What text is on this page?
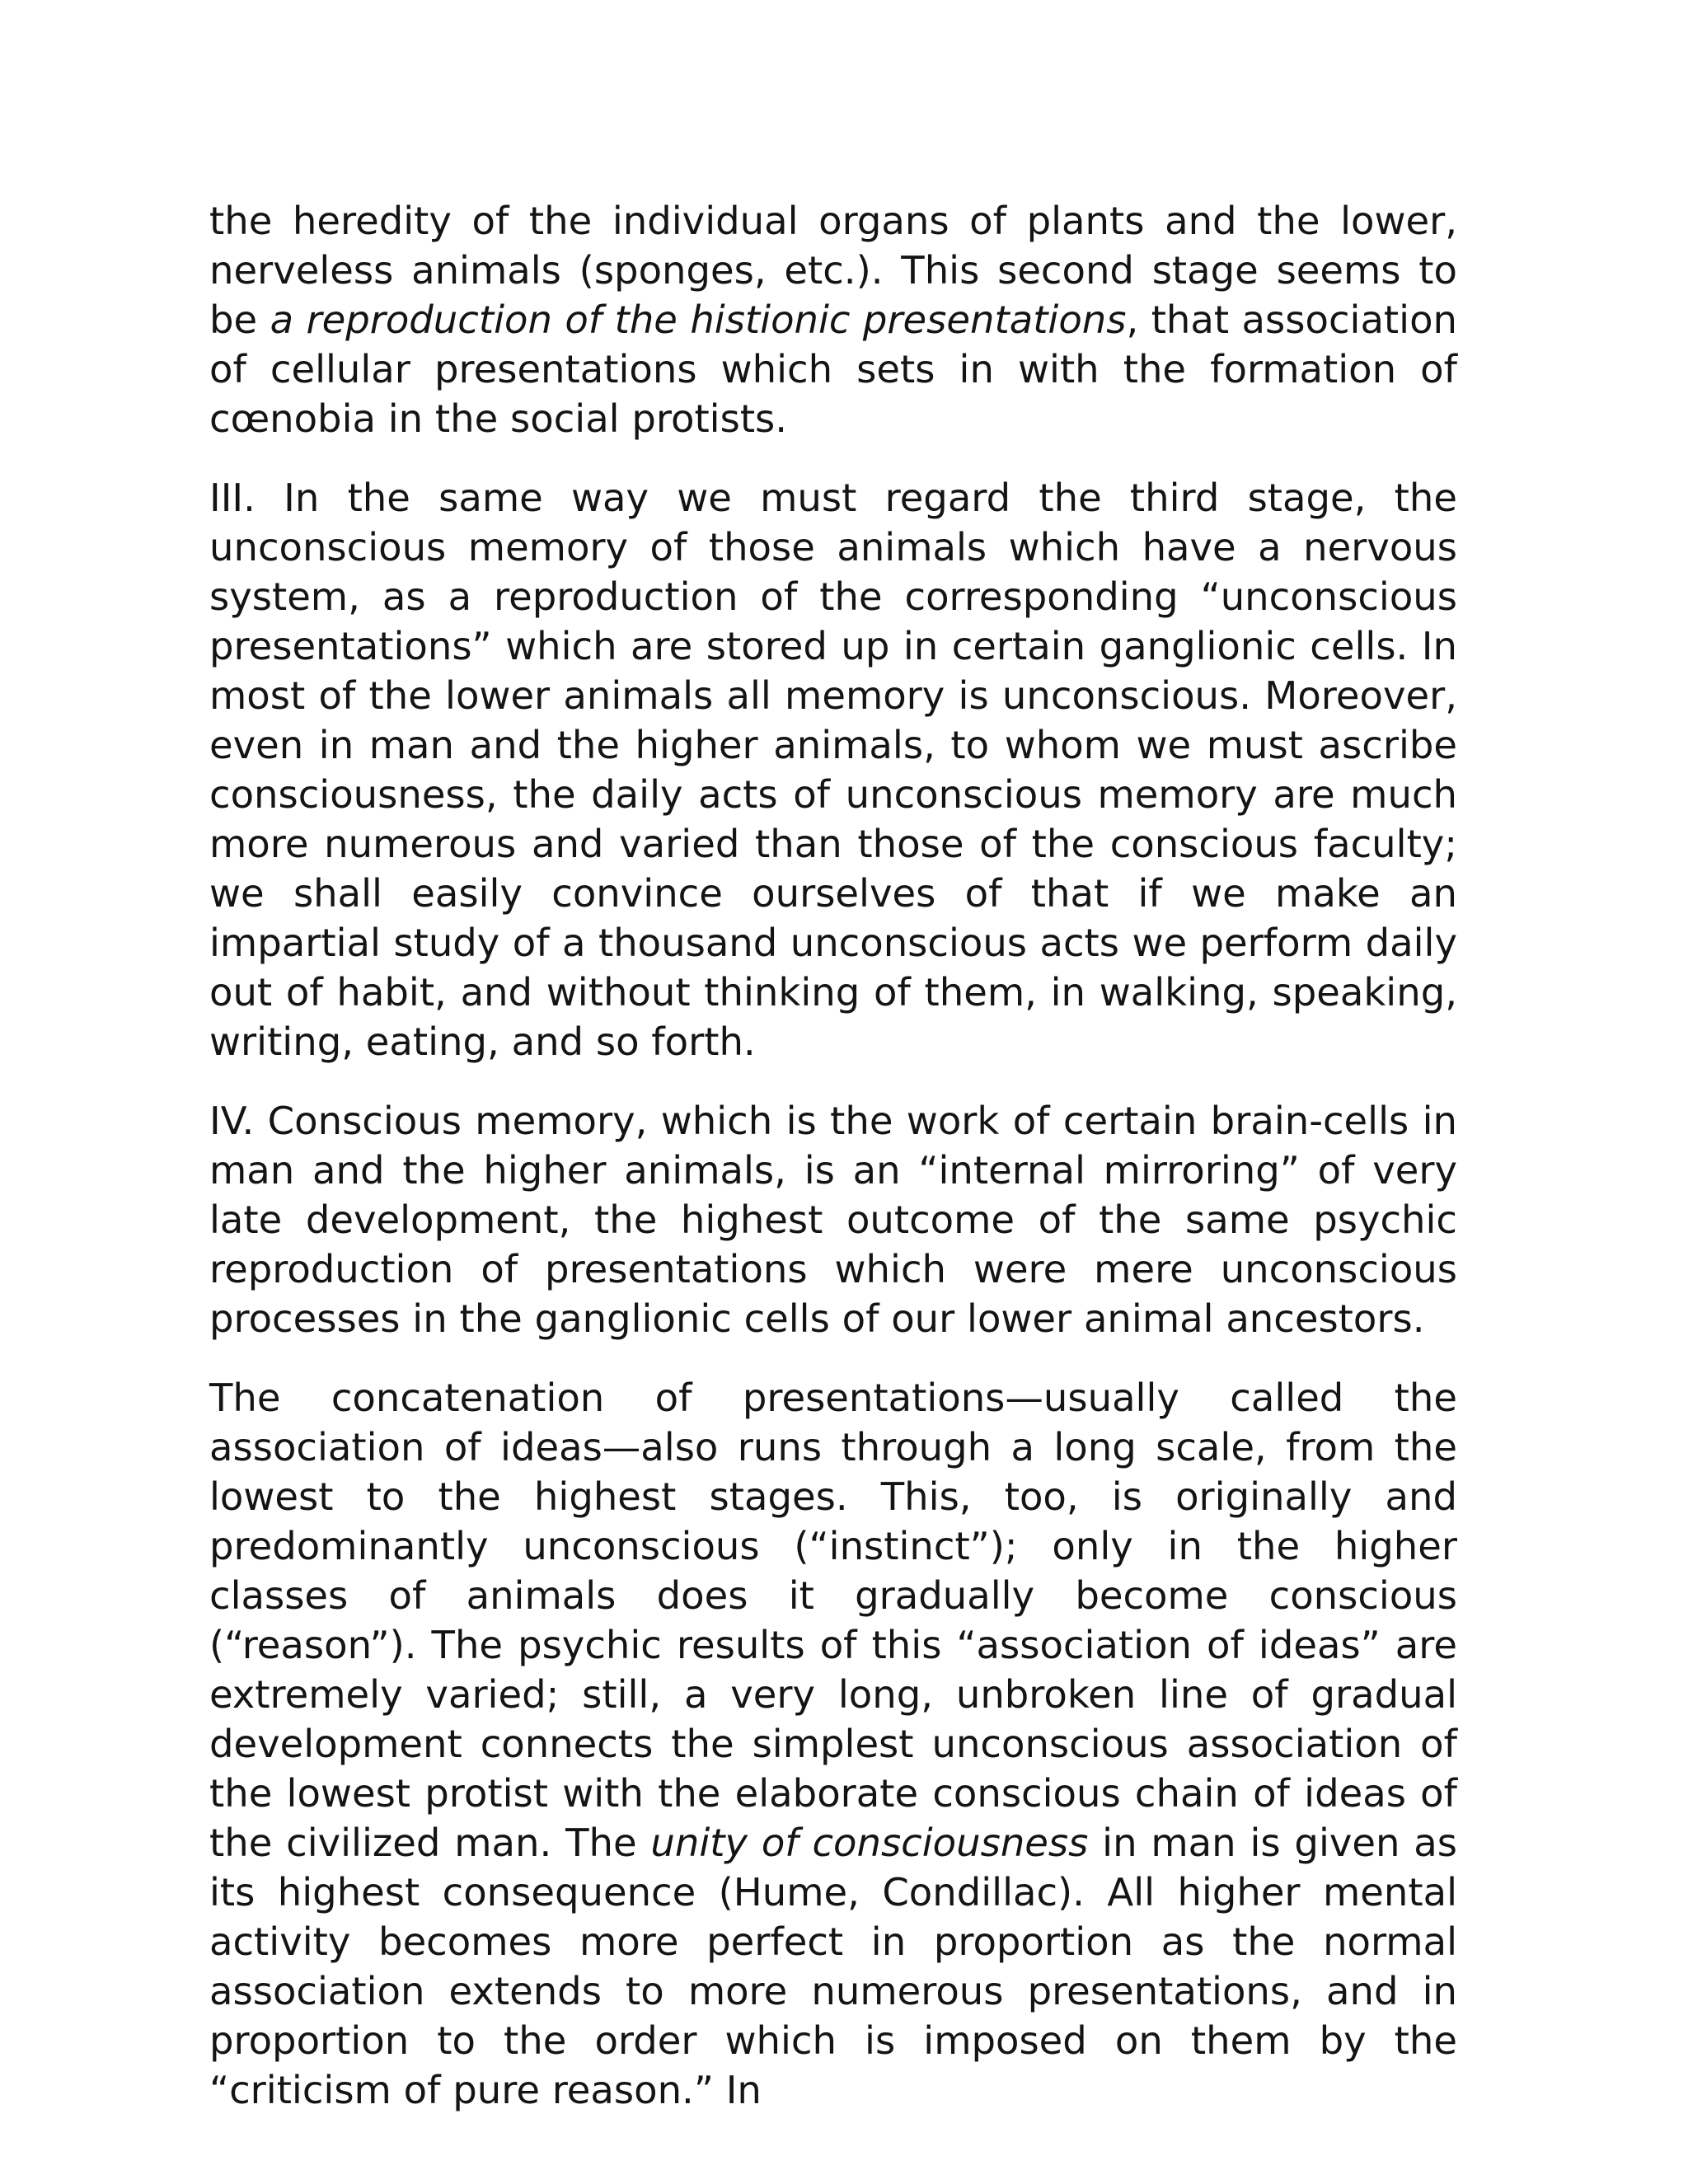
the heredity of the individual organs of plants and the lower, nerveless animals (sponges, etc.). This second stage seems to be a reproduction of the histionic presentations, that association of cellular presentations which sets in with the formation of cœnobia in the social protists.

III. In the same way we must regard the third stage, the unconscious memory of those animals which have a nervous system, as a reproduction of the corresponding “unconscious presentations” which are stored up in certain ganglionic cells. In most of the lower animals all memory is unconscious. Moreover, even in man and the higher animals, to whom we must ascribe consciousness, the daily acts of unconscious memory are much more numerous and varied than those of the conscious faculty; we shall easily convince ourselves of that if we make an impartial study of a thousand unconscious acts we perform daily out of habit, and without thinking of them, in walking, speaking, writing, eating, and so forth.

IV. Conscious memory, which is the work of certain brain-cells in man and the higher animals, is an “internal mirroring” of very late development, the highest outcome of the same psychic reproduction of presentations which were mere unconscious processes in the ganglionic cells of our lower animal ancestors.

The concatenation of presentations—usually called the association of ideas—also runs through a long scale, from the lowest to the highest stages. This, too, is originally and predominantly unconscious (“instinct”); only in the higher classes of animals does it gradually become conscious (“reason”). The psychic results of this “association of ideas” are extremely varied; still, a very long, unbroken line of gradual development connects the simplest unconscious association of the lowest protist with the elaborate conscious chain of ideas of the civilized man. The unity of consciousness in man is given as its highest consequence (Hume, Condillac). All higher mental activity becomes more perfect in proportion as the normal association extends to more numerous presentations, and in proportion to the order which is imposed on them by the “criticism of pure reason.” In
